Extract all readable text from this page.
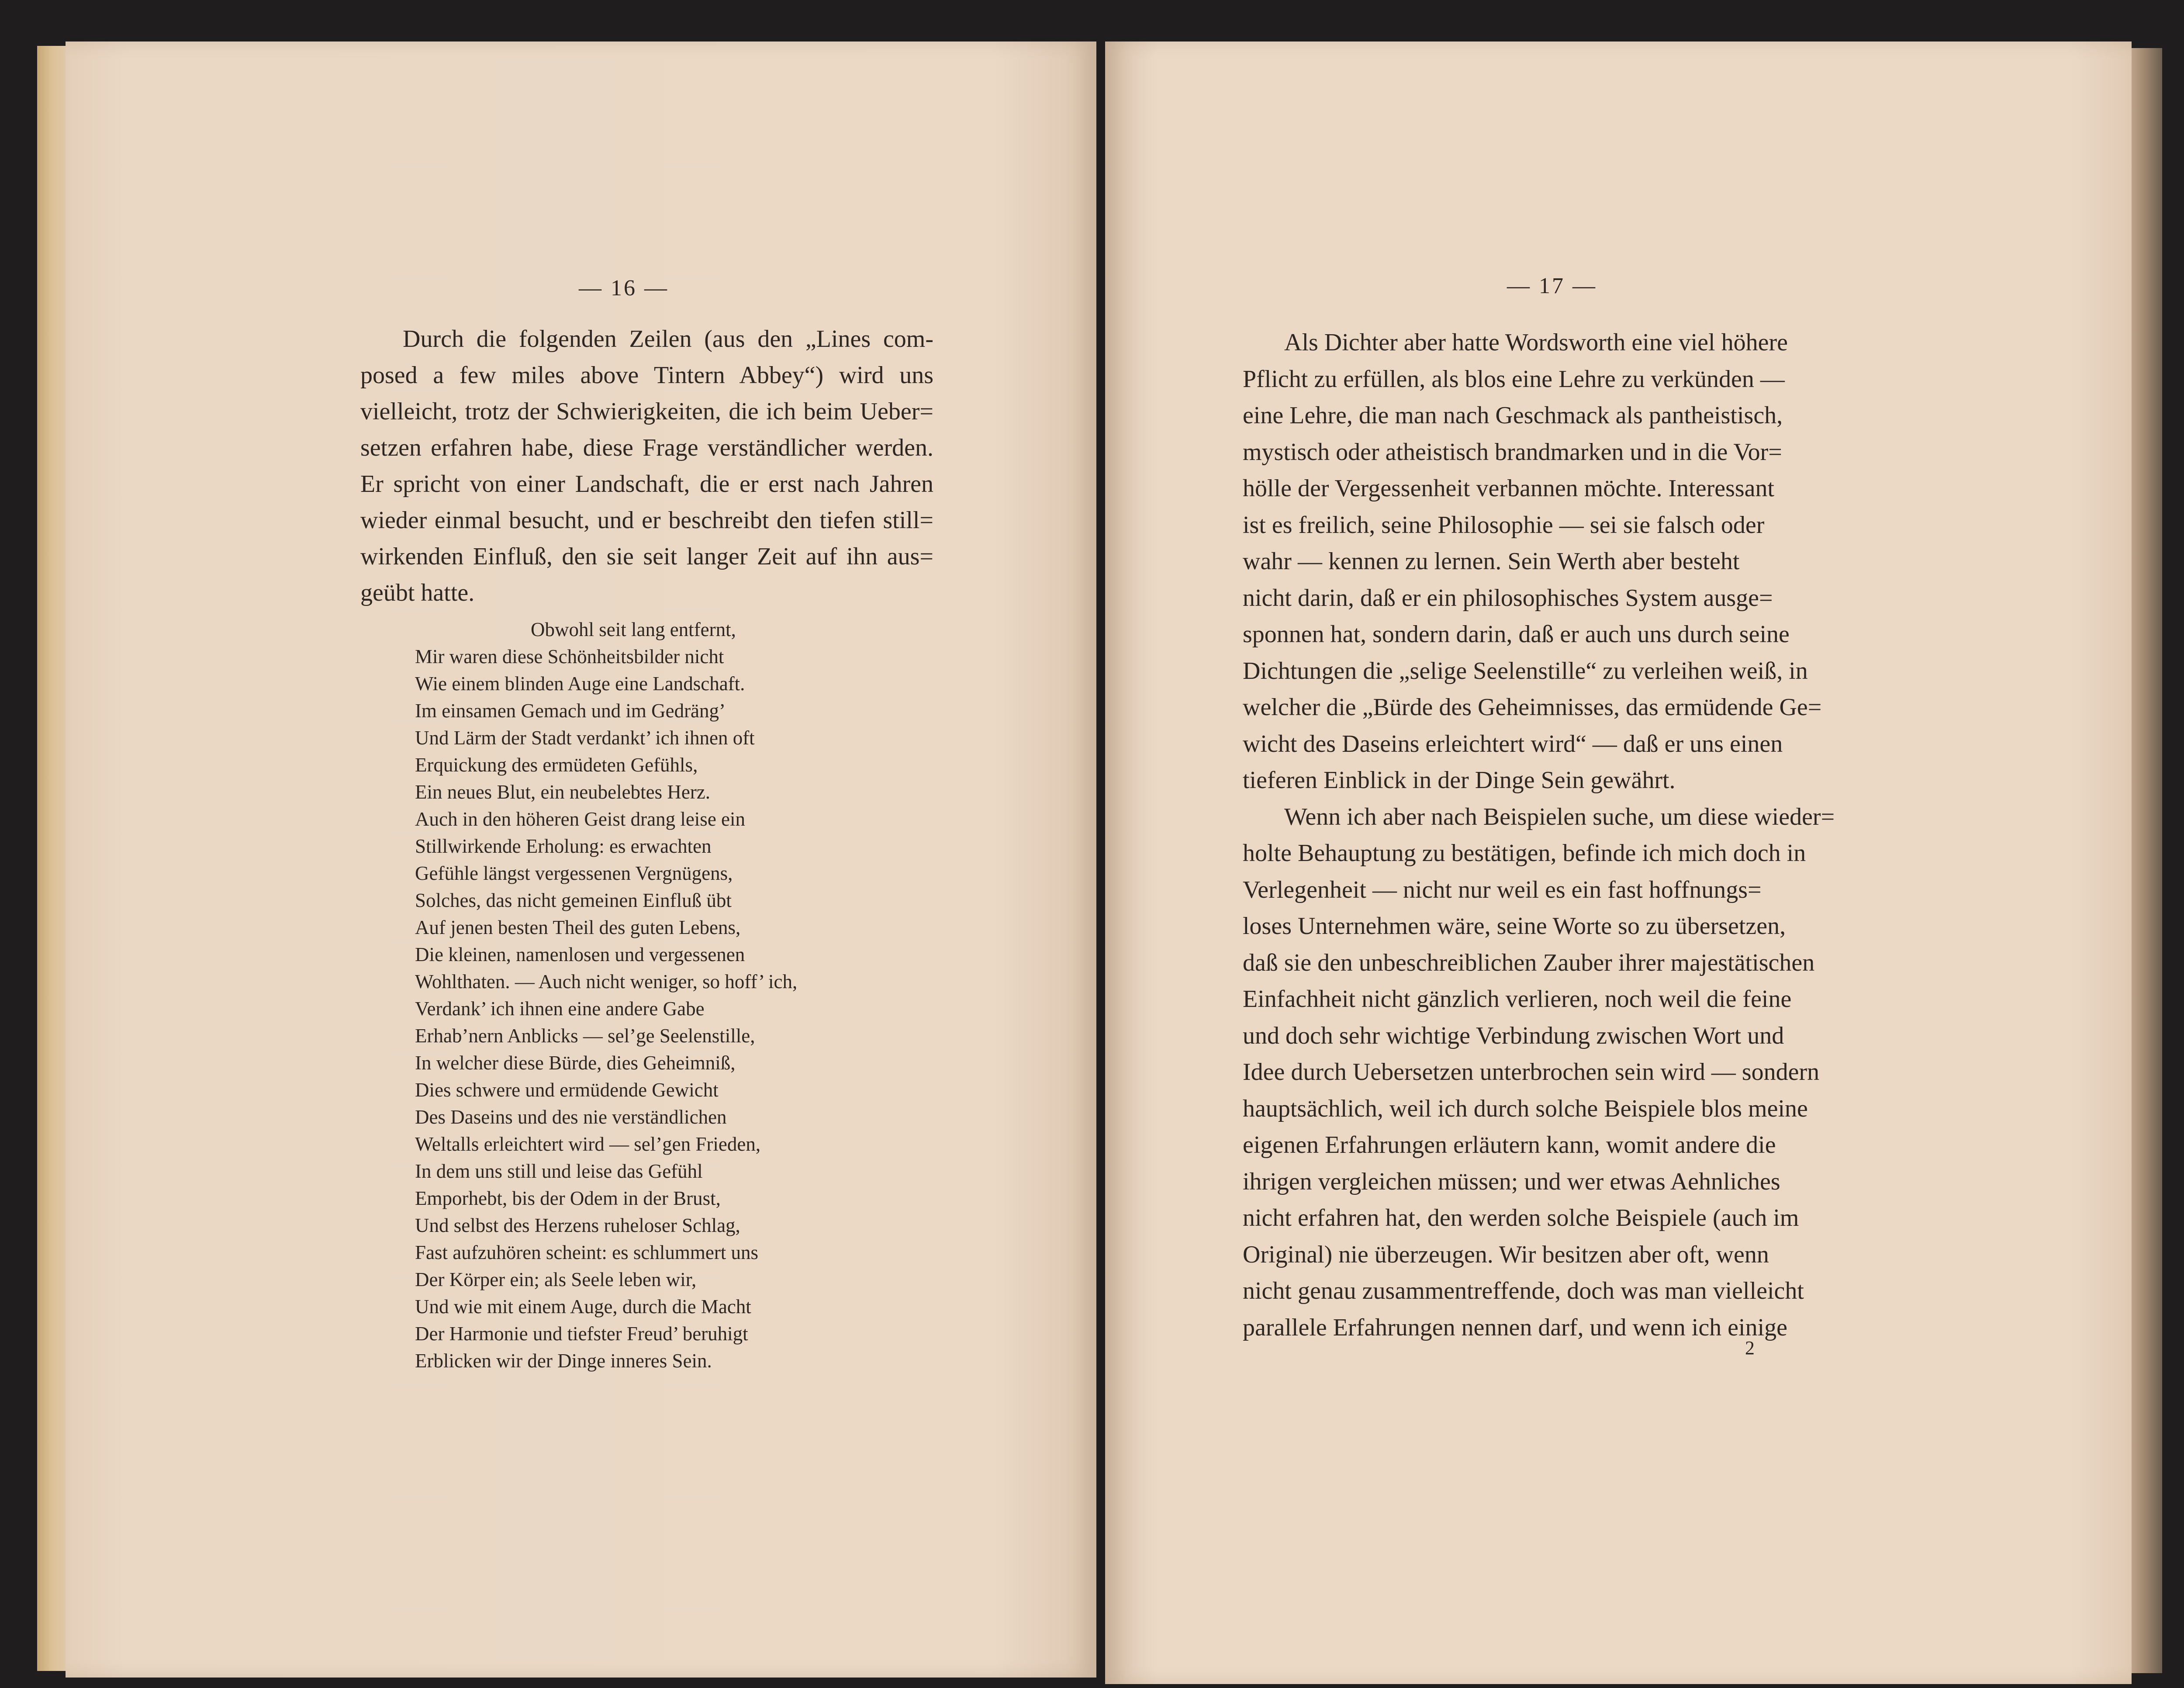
— 16 —
Durch die folgenden Zeilen (aus den „Lines com-
posed a few miles above Tintern Abbey“) wird uns
vielleicht, trotz der Schwierigkeiten, die ich beim Ueber=
setzen erfahren habe, diese Frage verständlicher werden.
Er spricht von einer Landschaft, die er erst nach Jahren
wieder einmal besucht, und er beschreibt den tiefen still=
wirkenden Einfluß, den sie seit langer Zeit auf ihn aus=
geübt hatte.
Obwohl seit lang entfernt,
Mir waren diese Schönheitsbilder nicht
Wie einem blinden Auge eine Landschaft.
Im einsamen Gemach und im Gedräng’
Und Lärm der Stadt verdankt’ ich ihnen oft
Erquickung des ermüdeten Gefühls,
Ein neues Blut, ein neubelebtes Herz.
Auch in den höheren Geist drang leise ein
Stillwirkende Erholung: es erwachten
Gefühle längst vergessenen Vergnügens,
Solches, das nicht gemeinen Einfluß übt
Auf jenen besten Theil des guten Lebens,
Die kleinen, namenlosen und vergessenen
Wohlthaten. — Auch nicht weniger, so hoff’ ich,
Verdank’ ich ihnen eine andere Gabe
Erhab’nern Anblicks — sel’ge Seelenstille,
In welcher diese Bürde, dies Geheimniß,
Dies schwere und ermüdende Gewicht
Des Daseins und des nie verständlichen
Weltalls erleichtert wird — sel’gen Frieden,
In dem uns still und leise das Gefühl
Emporhebt, bis der Odem in der Brust,
Und selbst des Herzens ruheloser Schlag,
Fast aufzuhören scheint: es schlummert uns
Der Körper ein; als Seele leben wir,
Und wie mit einem Auge, durch die Macht
Der Harmonie und tiefster Freud’ beruhigt
Erblicken wir der Dinge inneres Sein.
— 17 —
Als Dichter aber hatte Wordsworth eine viel höhere
Pflicht zu erfüllen, als blos eine Lehre zu verkünden —
eine Lehre, die man nach Geschmack als pantheistisch,
mystisch oder atheistisch brandmarken und in die Vor=
hölle der Vergessenheit verbannen möchte. Interessant
ist es freilich, seine Philosophie — sei sie falsch oder
wahr — kennen zu lernen. Sein Werth aber besteht
nicht darin, daß er ein philosophisches System ausge=
sponnen hat, sondern darin, daß er auch uns durch seine
Dichtungen die „selige Seelenstille“ zu verleihen weiß, in
welcher die „Bürde des Geheimnisses, das ermüdende Ge=
wicht des Daseins erleichtert wird“ — daß er uns einen
tieferen Einblick in der Dinge Sein gewährt.
Wenn ich aber nach Beispielen suche, um diese wieder=
holte Behauptung zu bestätigen, befinde ich mich doch in
Verlegenheit — nicht nur weil es ein fast hoffnungs=
loses Unternehmen wäre, seine Worte so zu übersetzen,
daß sie den unbeschreiblichen Zauber ihrer majestätischen
Einfachheit nicht gänzlich verlieren, noch weil die feine
und doch sehr wichtige Verbindung zwischen Wort und
Idee durch Uebersetzen unterbrochen sein wird — sondern
hauptsächlich, weil ich durch solche Beispiele blos meine
eigenen Erfahrungen erläutern kann, womit andere die
ihrigen vergleichen müssen; und wer etwas Aehnliches
nicht erfahren hat, den werden solche Beispiele (auch im
Original) nie überzeugen. Wir besitzen aber oft, wenn
nicht genau zusammentreffende, doch was man vielleicht
parallele Erfahrungen nennen darf, und wenn ich einige
2
